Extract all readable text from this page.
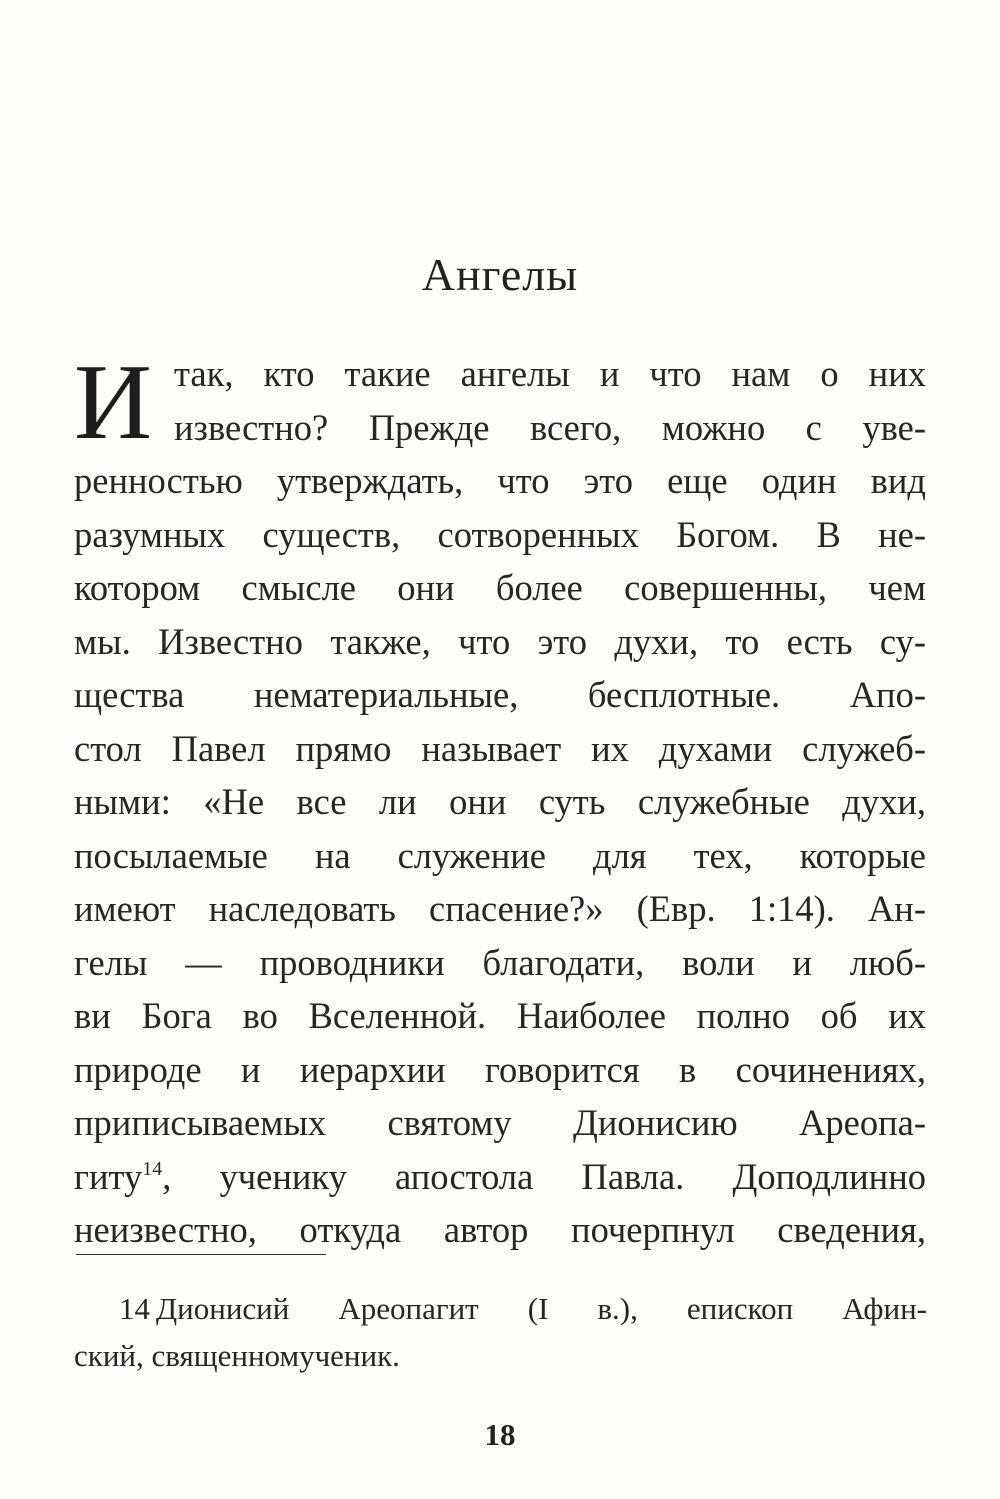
Ангелы
И так, кто такие ангелы и что нам о них
известно? Прежде всего, можно с уве-
ренностью утверждать, что это еще один вид
разумных существ, сотворенных Богом. В не-
котором смысле они более совершенны, чем
мы. Известно также, что это духи, то есть су-
щества нематериальные, бесплотные. Апо-
стол Павел прямо называет их духами служеб-
ными: «Не все ли они суть служебные духи,
посылаемые на служение для тех, которые
имеют наследовать спасение?» (Евр. 1:14). Ан-
гелы — проводники благодати, воли и люб-
ви Бога во Вселенной. Наиболее полно об их
природе и иерархии говорится в сочинениях,
приписываемых святому Дионисию Ареопа-
гиту$^{14}$, ученику апостола Павла. Доподлинно
неизвестно, откуда автор почерпнул сведения,
14 Дионисий Ареопагит (I в.), епископ Афин-
ский, священномученик.
18
